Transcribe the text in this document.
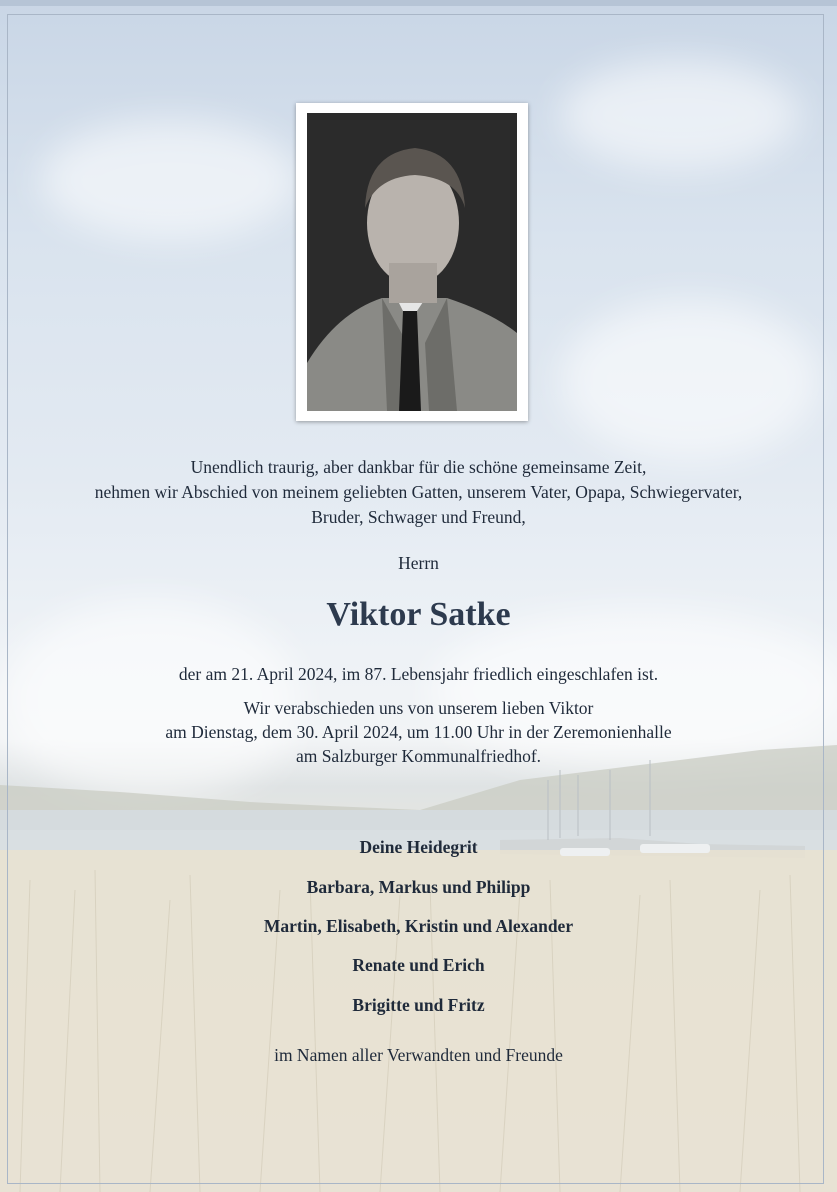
Unendlich traurig, aber dankbar für die schöne gemeinsame Zeit,
nehmen wir Abschied von meinem geliebten Gatten, unserem Vater, Opapa, Schwiegervater,
Bruder, Schwager und Freund,
Herrn
Viktor Satke
der am 21. April 2024, im 87. Lebensjahr friedlich eingeschlafen ist.
Wir verabschieden uns von unserem lieben Viktor
am Dienstag, dem 30. April 2024, um 11.00 Uhr in der Zeremonienhalle
am Salzburger Kommunalfriedhof.
Deine Heidegrit
Barbara, Markus und Philipp
Martin, Elisabeth, Kristin und Alexander
Renate und Erich
Brigitte und Fritz
im Namen aller Verwandten und Freunde
